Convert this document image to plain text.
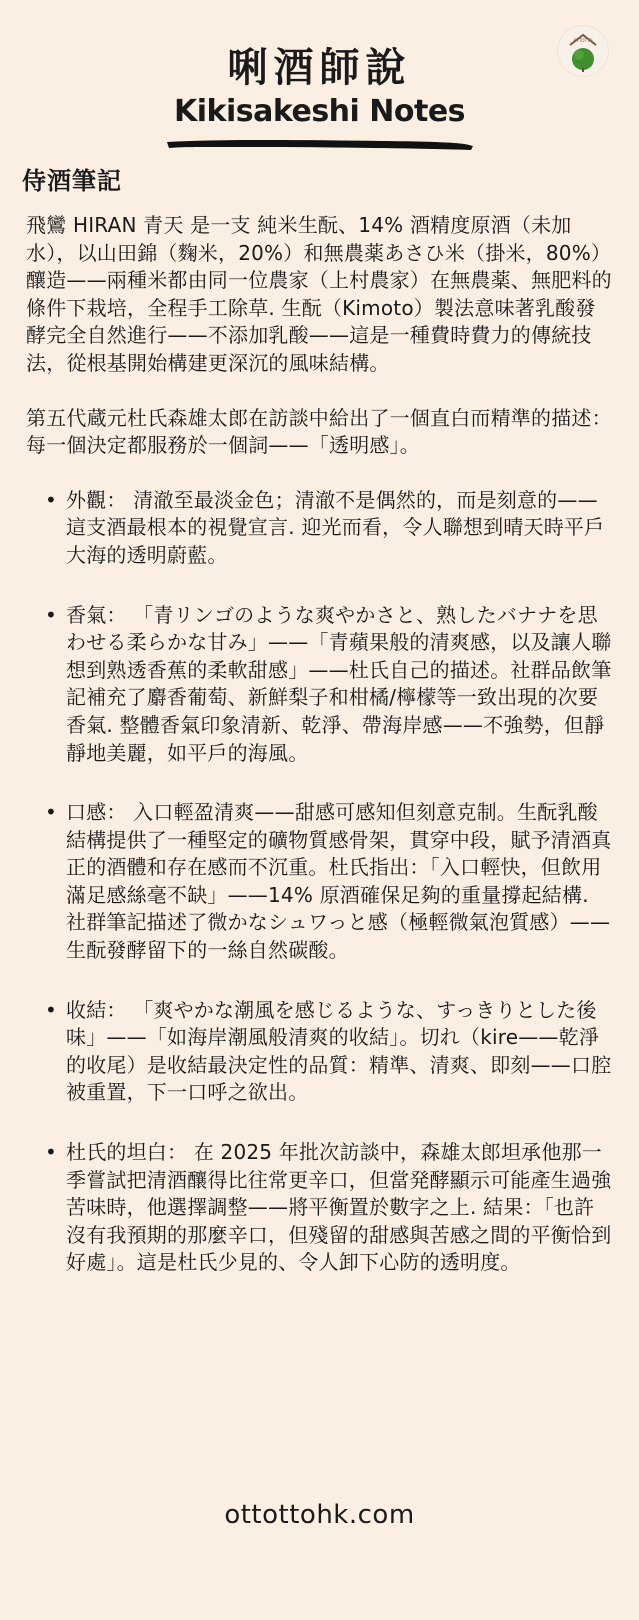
唎酒師說
Kikisakeshi Notes
OTTOTTO
侍酒筆記

飛鸞 HIRAN 青天 是一支 純米生酛、14% 酒精度原酒（未加水），以山田錦（麴米，20%）和無農薬あさひ米（掛米，80%）釀造——兩種米都由同一位農家（上村農家）在無農薬、無肥料的條件下栽培，全程手工除草. 生酛（Kimoto）製法意味著乳酸發酵完全自然進行——不添加乳酸——這是一種費時費力的傳統技法，從根基開始構建更深沉的風味結構。

第五代蔵元杜氏森雄太郎在訪談中給出了一個直白而精準的描述：每一個決定都服務於一個詞——「透明感」。

• 外觀： 清澈至最淡金色；清澈不是偶然的，而是刻意的——這支酒最根本的視覺宣言. 迎光而看，令人聯想到晴天時平戶大海的透明蔚藍。
• 香氣： 「青リンゴのような爽やかさと、熟したバナナを思わせる柔らかな甘み」——「青蘋果般的清爽感，以及讓人聯想到熟透香蕉的柔軟甜感」——杜氏自己的描述。社群品飲筆記補充了麝香葡萄、新鮮梨子和柑橘/檸檬等一致出現的次要香氣. 整體香氣印象清新、乾淨、帶海岸感——不強勢，但靜靜地美麗，如平戶的海風。
• 口感： 入口輕盈清爽——甜感可感知但刻意克制。生酛乳酸結構提供了一種堅定的礦物質感骨架，貫穿中段，賦予清酒真正的酒體和存在感而不沉重。杜氏指出：「入口輕快，但飲用滿足感絲毫不缺」——14% 原酒確保足夠的重量撐起結構. 社群筆記描述了微かなシュワっと感（極輕微氣泡質感）——生酛發酵留下的一絲自然碳酸。
• 收結： 「爽やかな潮風を感じるような、すっきりとした後味」——「如海岸潮風般清爽的收結」。切れ（kire——乾淨的收尾）是收結最決定性的品質：精準、清爽、即刻——口腔被重置，下一口呼之欲出。
• 杜氏的坦白： 在 2025 年批次訪談中，森雄太郎坦承他那一季嘗試把清酒釀得比往常更辛口，但當発酵顯示可能產生過強苦味時，他選擇調整——將平衡置於數字之上. 結果：「也許沒有我預期的那麼辛口，但殘留的甜感與苦感之間的平衡恰到好處」。這是杜氏少見的、令人卸下心防的透明度。
ottottohk.com
